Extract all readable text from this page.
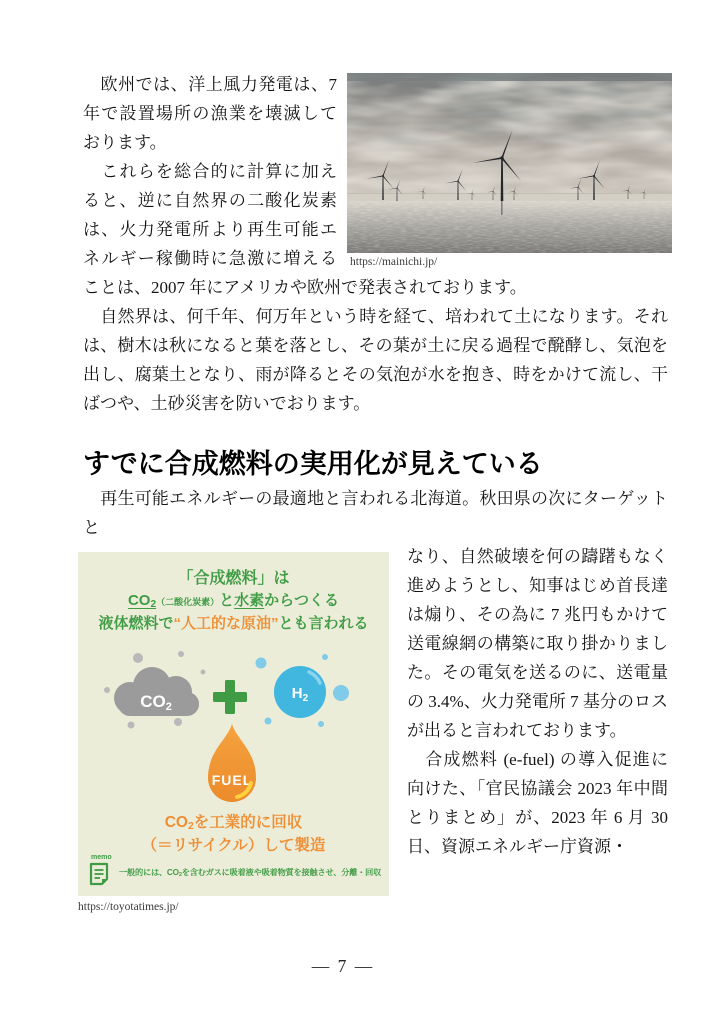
https://mainichi.jp/

　欧州では、洋上風力発電は、7年で設置場所の漁業を壊滅しております。

　これらを総合的に計算に加えると、逆に自然界の二酸化炭素は、火力発電所より再生可能エネルギー稼働時に急激に増えることは、2007 年にアメリカや欧州で発表されております。

　自然界は、何千年、何万年という時を経て、培われて土になります。それは、樹木は秋になると葉を落とし、その葉が土に戻る過程で醗酵し、気泡を出し、腐葉土となり、雨が降るとその気泡が水を抱き、時をかけて流し、干ばつや、土砂災害を防いでおります。

すでに合成燃料の実用化が見えている

　再生可能エネルギーの最適地と言われる北海道。秋田県の次にターゲットと

「合成燃料」は
CO2（二酸化炭素）と水素からつくる
液体燃料で“人工的な原油”とも言われる
CO2
$H_2$
FUEL
CO2を工業的に回収
（＝リサイクル）して製造
memo
一般的には、CO2を含むガスに吸着液や吸着物質を接触させ、分離・回収
https://toyotatimes.jp/

なり、自然破壊を何の躊躇もなく進めようとし、知事はじめ首長達は煽り、その為に 7 兆円もかけて送電線網の構築に取り掛かりました。その電気を送るのに、送電量の 3.4%、火力発電所 7 基分のロスが出ると言われております。

　合成燃料 (e-fuel) の導入促進に向けた、「官民協議会 2023 年中間とりまとめ」が、2023 年 6 月 30 日、資源エネルギー庁資源・

— 7 —
